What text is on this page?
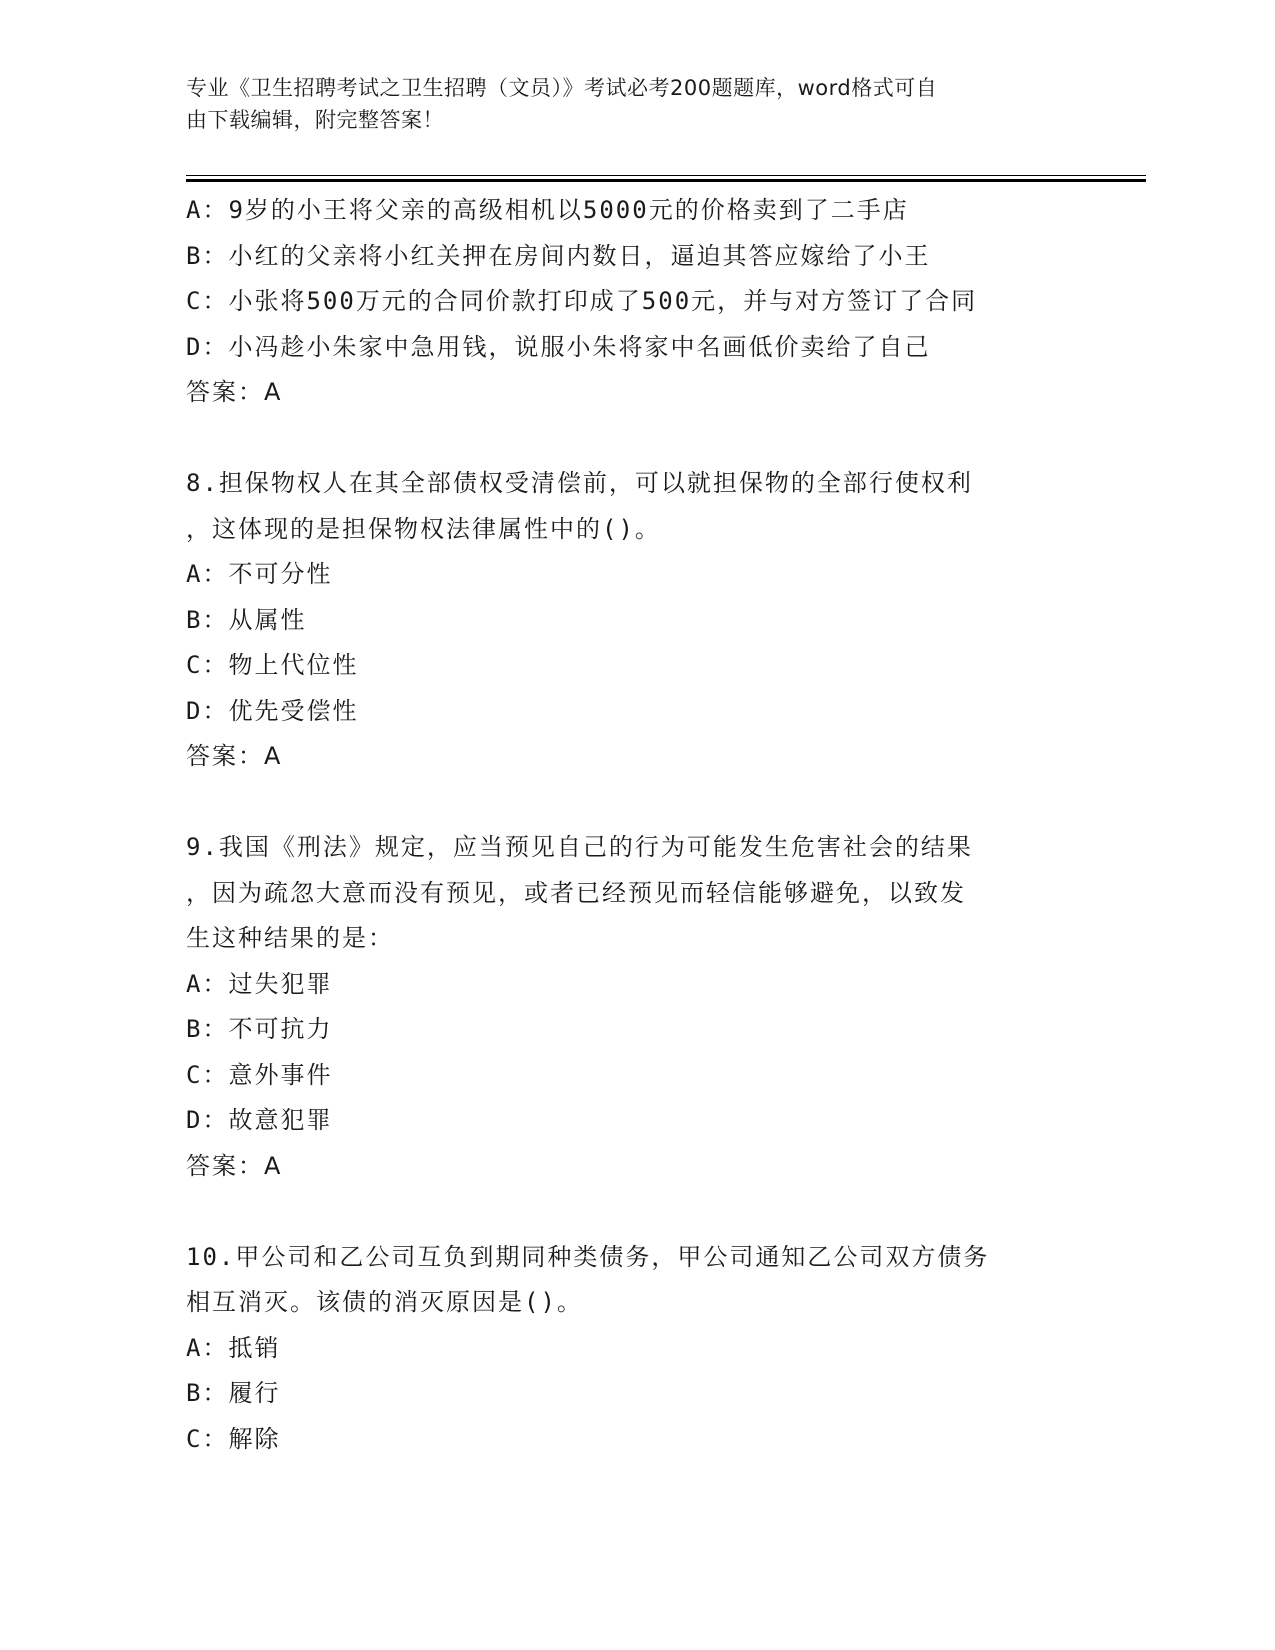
专业《卫生招聘考试之卫生招聘（文员）》考试必考200题题库，word格式可自
由下载编辑，附完整答案！
A：9岁的小王将父亲的高级相机以5000元的价格卖到了二手店
B：小红的父亲将小红关押在房间内数日，逼迫其答应嫁给了小王
C：小张将500万元的合同价款打印成了500元，并与对方签订了合同
D：小冯趁小朱家中急用钱，说服小朱将家中名画低价卖给了自己
答案：A
8.担保物权人在其全部债权受清偿前，可以就担保物的全部行使权利
，这体现的是担保物权法律属性中的()。
A：不可分性
B：从属性
C：物上代位性
D：优先受偿性
答案：A
9.我国《刑法》规定，应当预见自己的行为可能发生危害社会的结果
，因为疏忽大意而没有预见，或者已经预见而轻信能够避免，以致发
生这种结果的是：
A：过失犯罪
B：不可抗力
C：意外事件
D：故意犯罪
答案：A
10.甲公司和乙公司互负到期同种类债务，甲公司通知乙公司双方债务
相互消灭。该债的消灭原因是()。
A：抵销
B：履行
C：解除
